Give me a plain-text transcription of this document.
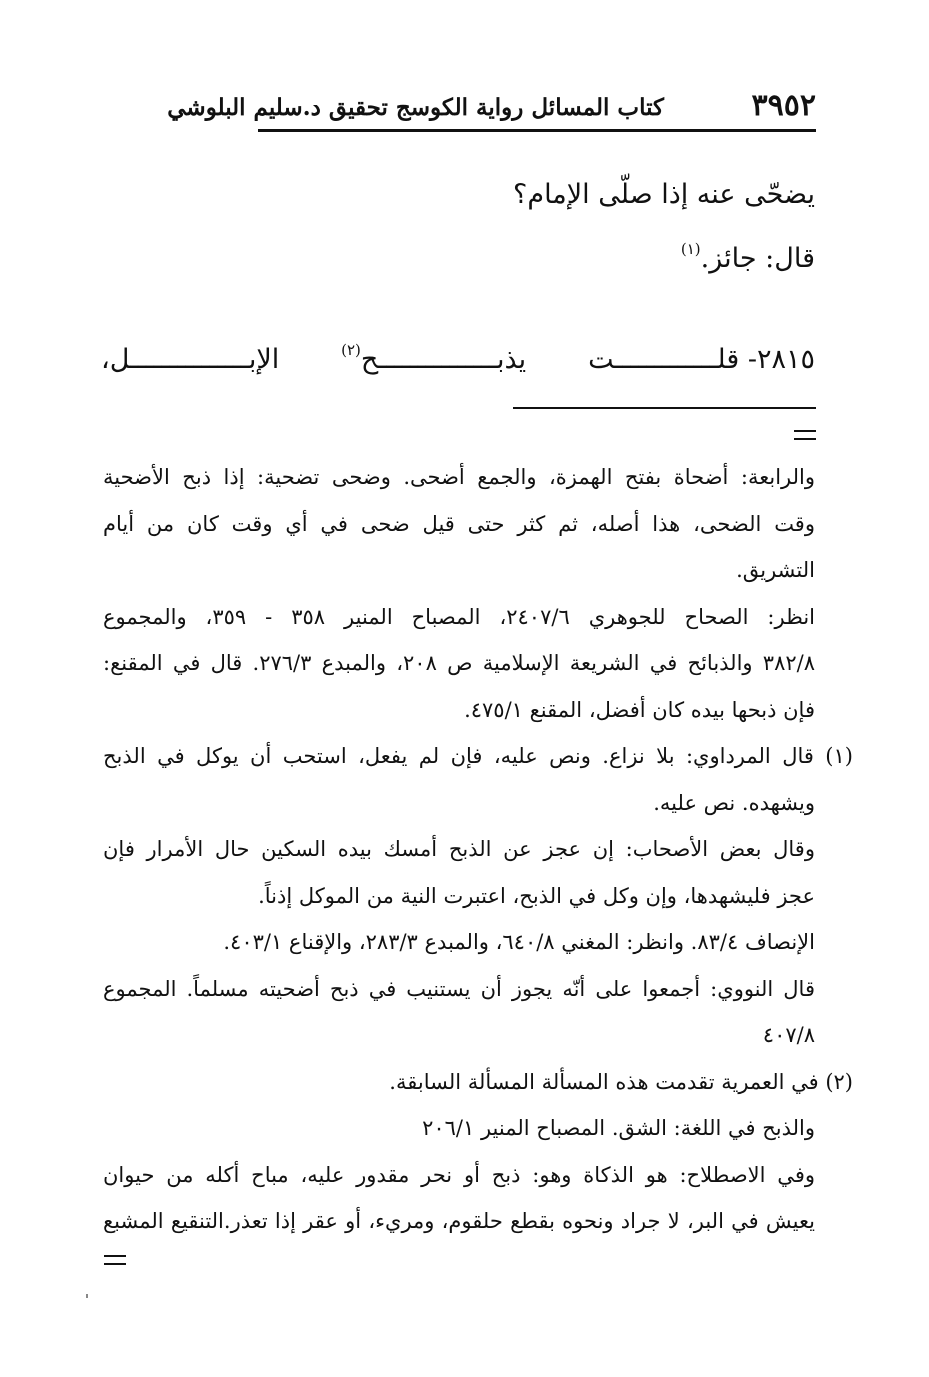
٣٩٥٢
كتاب المسائل رواية الكوسج تحقيق د.سليم البلوشي
يضحّى عنه إذا صلّى الإمام؟
قال: جائز.$^{(١)}$
٢٨١٥- قلـــــــــــــت
يذبـــــــــــــــح$^{(٢)}$
الإبـــــــــــــــل،
والرابعة: أضحاة بفتح الهمزة، والجمع أضحى. وضحى تضحية: إذا ذبح الأضحية
وقت الضحى، هذا أصله، ثم كثر حتى قيل ضحى في أي وقت كان من أيام
التشريق.
انظر: الصحاح للجوهري ٢٤٠٧/٦، المصباح المنير ٣٥٨ - ٣٥٩، والمجموع
٣٨٢/٨ والذبائح في الشريعة الإسلامية ص ٢٠٨، والمبدع ٢٧٦/٣. قال في المقنع:
فإن ذبحها بيده كان أفضل، المقنع ٤٧٥/١.
(١) قال المرداوي: بلا نزاع. ونص عليه، فإن لم يفعل، استحب أن يوكل في الذبح
ويشهده. نص عليه.
وقال بعض الأصحاب: إن عجز عن الذبح أمسك بيده السكين حال الأمرار فإن
عجز فليشهدها، وإن وكل في الذبح، اعتبرت النية من الموكل إذناً.
الإنصاف ٨٣/٤. وانظر: المغني ٦٤٠/٨، والمبدع ٢٨٣/٣، والإقناع ٤٠٣/١.
قال النووي: أجمعوا على أنّه يجوز أن يستنيب في ذبح أضحيته مسلماً. المجموع
٤٠٧/٨
(٢) في العمرية تقدمت هذه المسألة المسألة السابقة.
والذبح في اللغة: الشق. المصباح المنير ٢٠٦/١
وفي الاصطلاح: هو الذكاة وهو: ذبح أو نحر مقدور عليه، مباح أكله من حيوان
يعيش في البر، لا جراد ونحوه بقطع حلقوم، ومريء، أو عقر إذا تعذر.التنقيع المشبع
